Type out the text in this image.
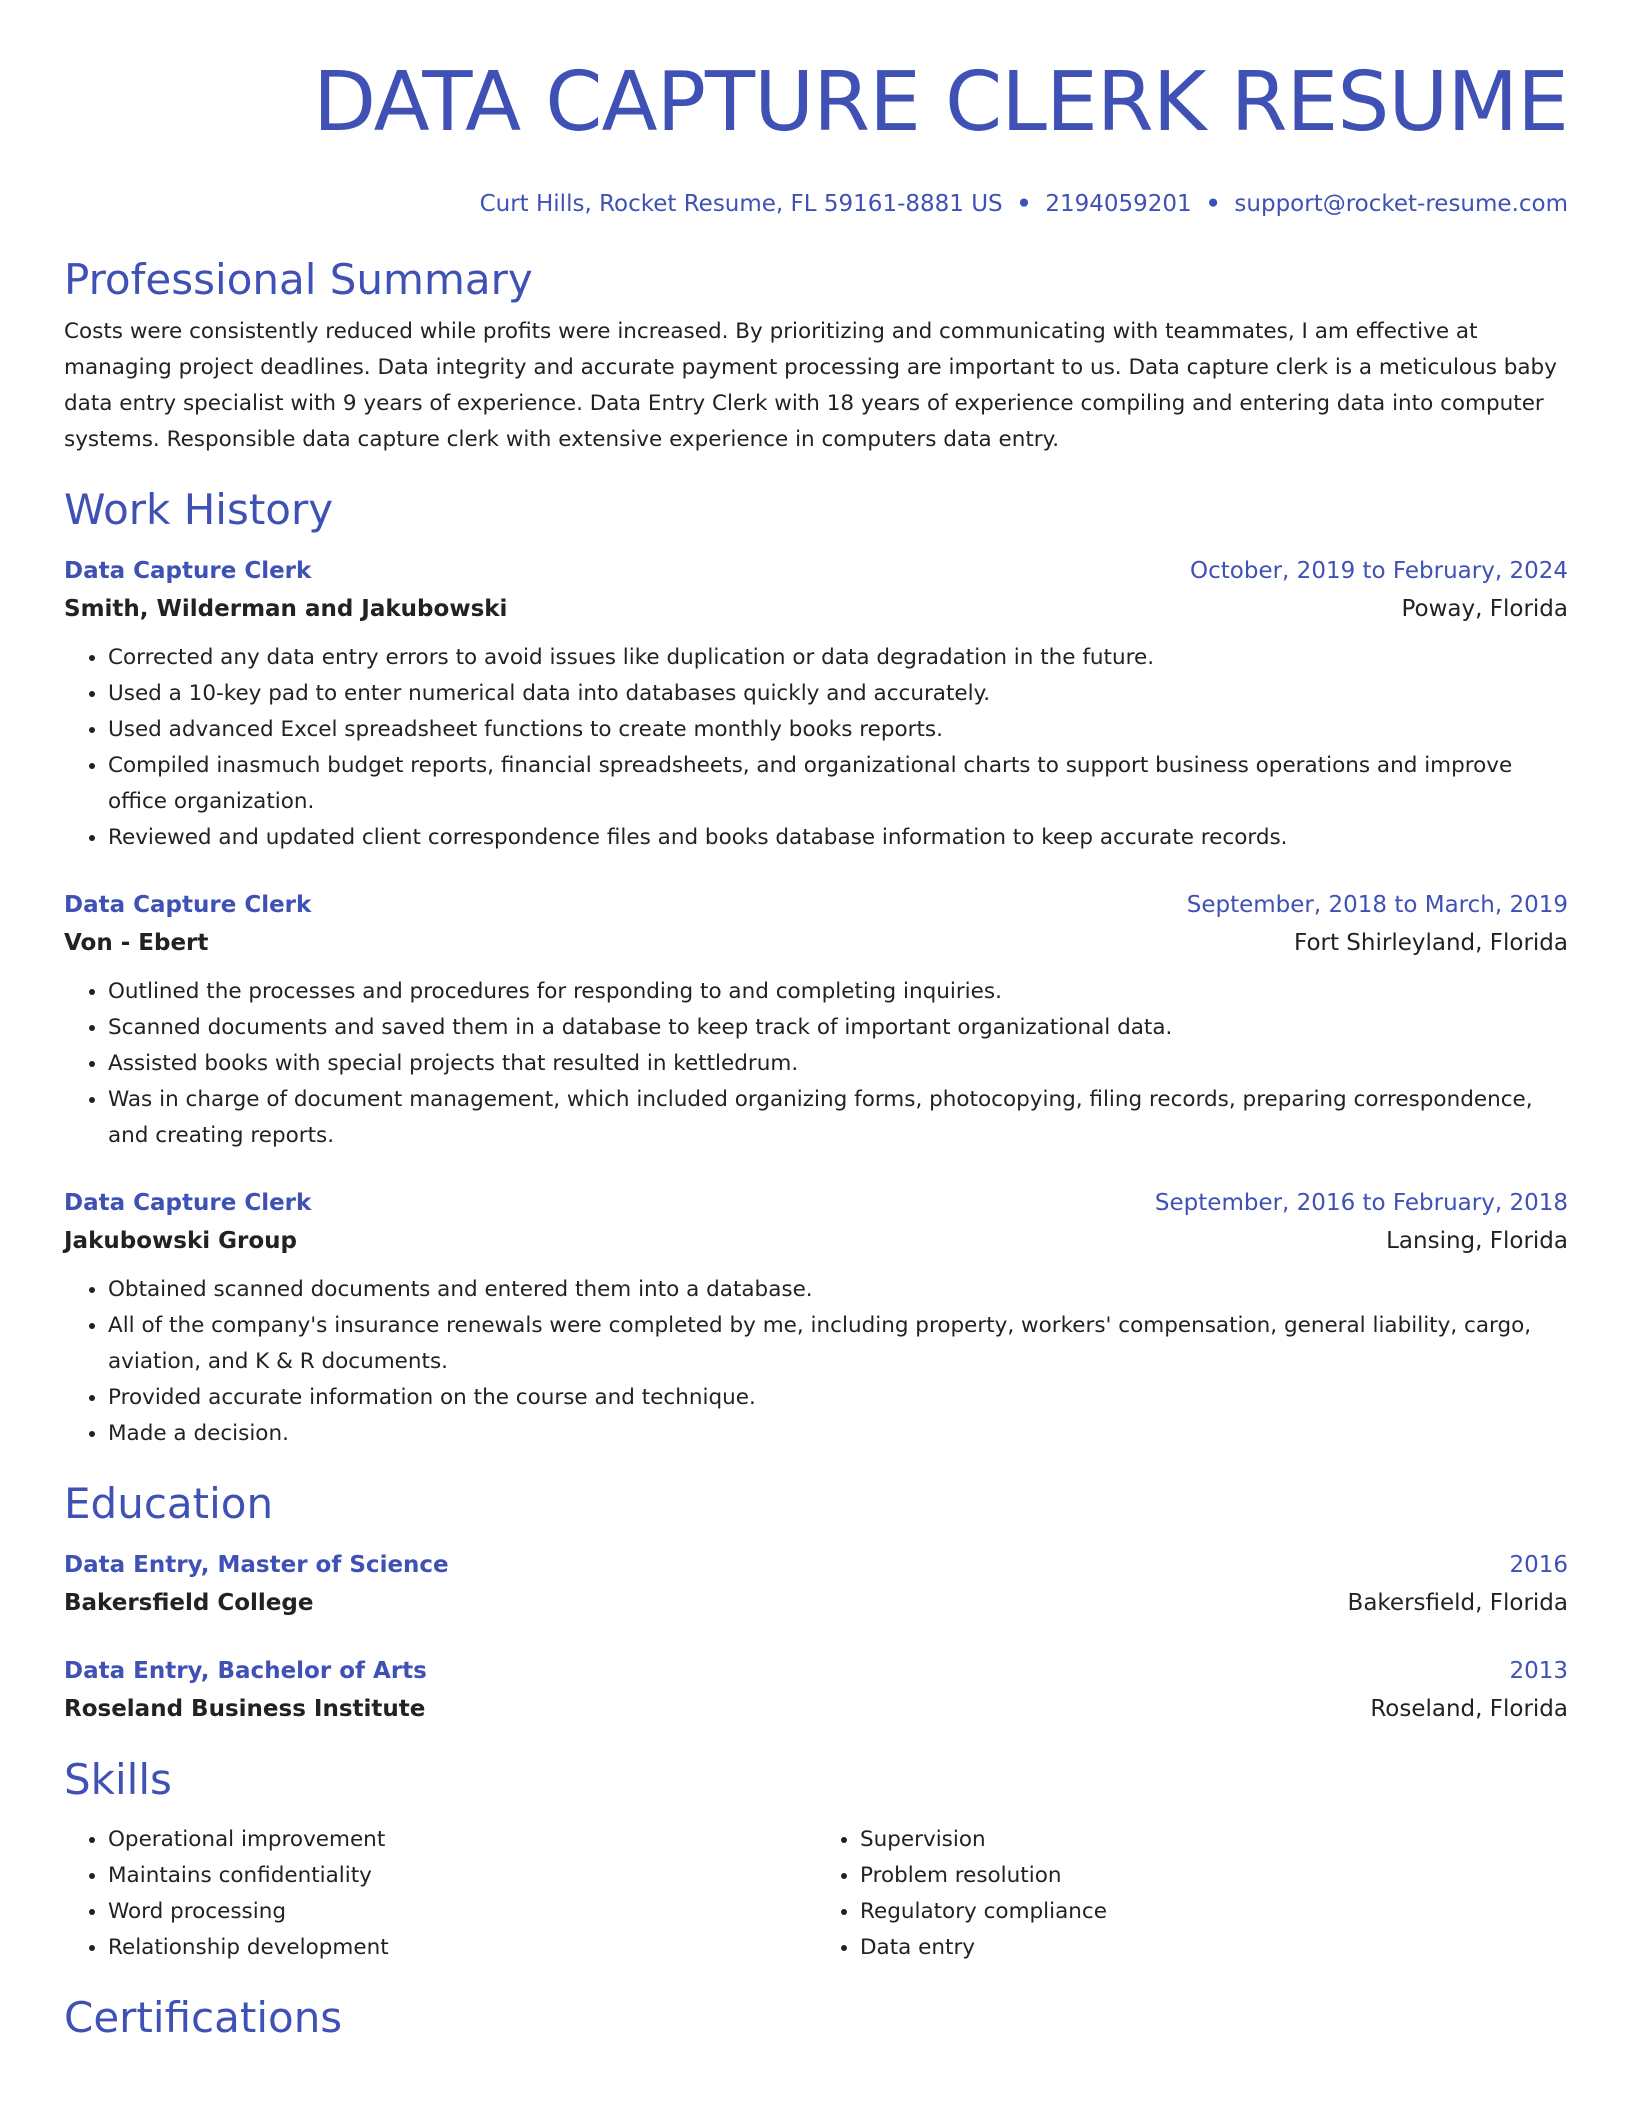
DATA CAPTURE CLERK RESUME
Curt Hills, Rocket Resume, FL 59161-8881 US • 2194059201 • support@rocket-resume.com
Professional Summary
Costs were consistently reduced while profits were increased. By prioritizing and communicating with teammates, I am effective at managing project deadlines. Data integrity and accurate payment processing are important to us. Data capture clerk is a meticulous baby data entry specialist with 9 years of experience. Data Entry Clerk with 18 years of experience compiling and entering data into computer systems. Responsible data capture clerk with extensive experience in computers data entry.
Work History
Data Capture Clerk	October, 2019 to February, 2024
Smith, Wilderman and Jakubowski	Poway, Florida
• Corrected any data entry errors to avoid issues like duplication or data degradation in the future.
• Used a 10-key pad to enter numerical data into databases quickly and accurately.
• Used advanced Excel spreadsheet functions to create monthly books reports.
• Compiled inasmuch budget reports, financial spreadsheets, and organizational charts to support business operations and improve office organization.
• Reviewed and updated client correspondence files and books database information to keep accurate records.
Data Capture Clerk	September, 2018 to March, 2019
Von - Ebert	Fort Shirleyland, Florida
• Outlined the processes and procedures for responding to and completing inquiries.
• Scanned documents and saved them in a database to keep track of important organizational data.
• Assisted books with special projects that resulted in kettledrum.
• Was in charge of document management, which included organizing forms, photocopying, filing records, preparing correspondence, and creating reports.
Data Capture Clerk	September, 2016 to February, 2018
Jakubowski Group	Lansing, Florida
• Obtained scanned documents and entered them into a database.
• All of the company's insurance renewals were completed by me, including property, workers' compensation, general liability, cargo, aviation, and K & R documents.
• Provided accurate information on the course and technique.
• Made a decision.
Education
Data Entry, Master of Science	2016
Bakersfield College	Bakersfield, Florida
Data Entry, Bachelor of Arts	2013
Roseland Business Institute	Roseland, Florida
Skills
• Operational improvement
• Maintains confidentiality
• Word processing
• Relationship development
• Supervision
• Problem resolution
• Regulatory compliance
• Data entry
Certifications
